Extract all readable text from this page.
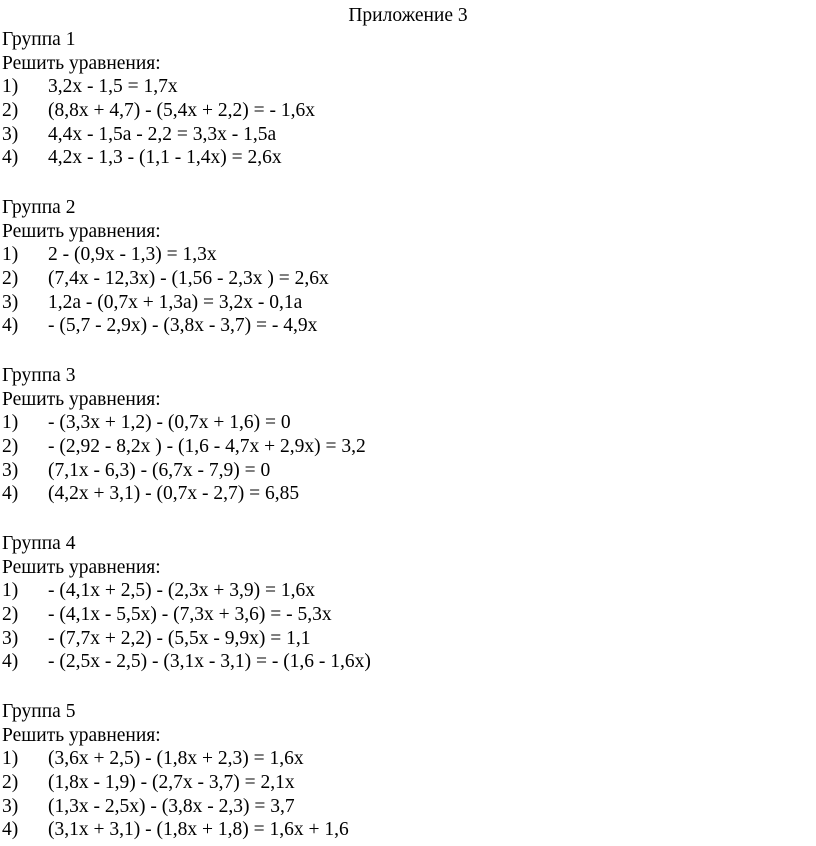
Приложение 3
Группа 1
Решить уравнения:
1)	3,2x - 1,5 = 1,7x
2)	(8,8x + 4,7) - (5,4x + 2,2) = - 1,6x
3)	4,4x - 1,5a - 2,2 = 3,3x - 1,5a
4)	4,2x - 1,3 - (1,1 - 1,4x) = 2,6x
Группа 2
Решить уравнения:
1)	2 - (0,9x - 1,3) = 1,3x
2)	(7,4x - 12,3x) - (1,56 - 2,3x ) = 2,6x
3)	1,2a - (0,7x + 1,3a) = 3,2x - 0,1a
4)	- (5,7 - 2,9x) - (3,8x - 3,7) = - 4,9x
Группа 3
Решить уравнения:
1)	- (3,3x + 1,2) - (0,7x + 1,6) = 0
2)	- (2,92 - 8,2x ) - (1,6 - 4,7x + 2,9x) = 3,2
3)	(7,1x - 6,3) - (6,7x - 7,9) = 0
4)	(4,2x + 3,1) - (0,7x - 2,7) = 6,85
Группа 4
Решить уравнения:
1)	- (4,1x + 2,5) - (2,3x + 3,9) = 1,6x
2)	- (4,1x - 5,5x) - (7,3x + 3,6) = - 5,3x
3)	- (7,7x + 2,2) - (5,5x - 9,9x) = 1,1
4)	- (2,5x - 2,5) - (3,1x - 3,1) = - (1,6 - 1,6x)
Группа 5
Решить уравнения:
1)	(3,6x + 2,5) - (1,8x + 2,3) = 1,6x
2)	(1,8x - 1,9) - (2,7x - 3,7) = 2,1x
3)	(1,3x - 2,5x) - (3,8x - 2,3) = 3,7
4)	(3,1x + 3,1) - (1,8x + 1,8) = 1,6x + 1,6
